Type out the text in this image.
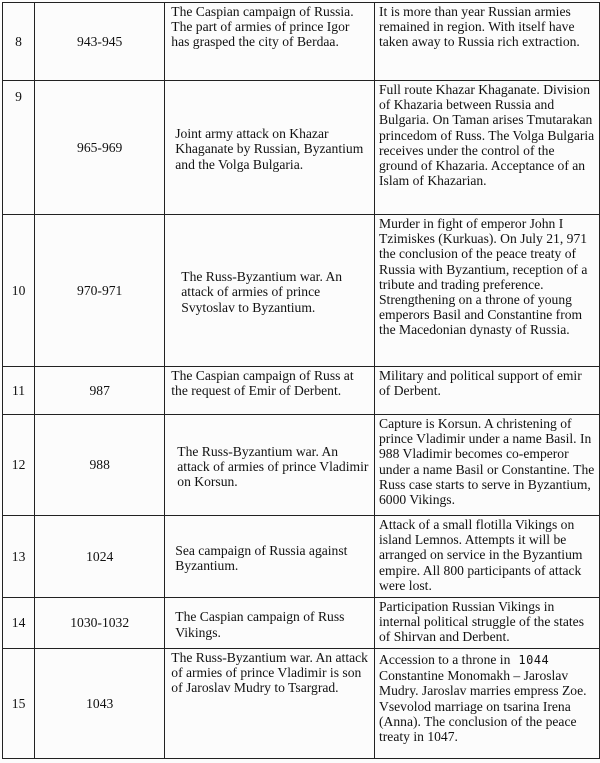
8	943-945	The Caspian campaign of Russia. The part of armies of prince Igor has grasped the city of Berdaa.	It is more than year Russian armies remained in region. With itself have taken away to Russia rich extraction.
9	965-969	Joint army attack on Khazar Khaganate by Russian, Byzantium and the Volga Bulgaria.	Full route Khazar Khaganate. Division of Khazaria between Russia and Bulgaria. On Taman arises Tmutarakan princedom of Russ. The Volga Bulgaria receives under the control of the ground of Khazaria. Acceptance of an Islam of Khazarian.
10	970-971	The Russ-Byzantium war. An attack of armies of prince Svytoslav to Byzantium.	Murder in fight of emperor John I Tzimiskes (Kurkuas). On July 21, 971 the conclusion of the peace treaty of Russia with Byzantium, reception of a tribute and trading preference. Strengthening on a throne of young emperors Basil and Constantine from the Macedonian dynasty of Russia.
11	987	The Caspian campaign of Russ at the request of Emir of Derbent.	Military and political support of emir of Derbent.
12	988	The Russ-Byzantium war. An attack of armies of prince Vladimir on Korsun.	Capture is Korsun. A christening of prince Vladimir under a name Basil. In 988 Vladimir becomes co-emperor under a name Basil or Constantine. The Russ case starts to serve in Byzantium, 6000 Vikings.
13	1024	Sea campaign of Russia against Byzantium.	Attack of a small flotilla Vikings on island Lemnos. Attempts it will be arranged on service in the Byzantium empire. All 800 participants of attack were lost.
14	1030-1032	The Caspian campaign of Russ Vikings.	Participation Russian Vikings in internal political struggle of the states of Shirvan and Derbent.
15	1043	The Russ-Byzantium war. An attack of armies of prince Vladimir is son of Jaroslav Mudry to Tsargrad.	Accession to a throne in 1044 Constantine Monomakh – Jaroslav Mudry. Jaroslav marries empress Zoe. Vsevolod marriage on tsarina Irena (Anna). The conclusion of the peace treaty in 1047.
